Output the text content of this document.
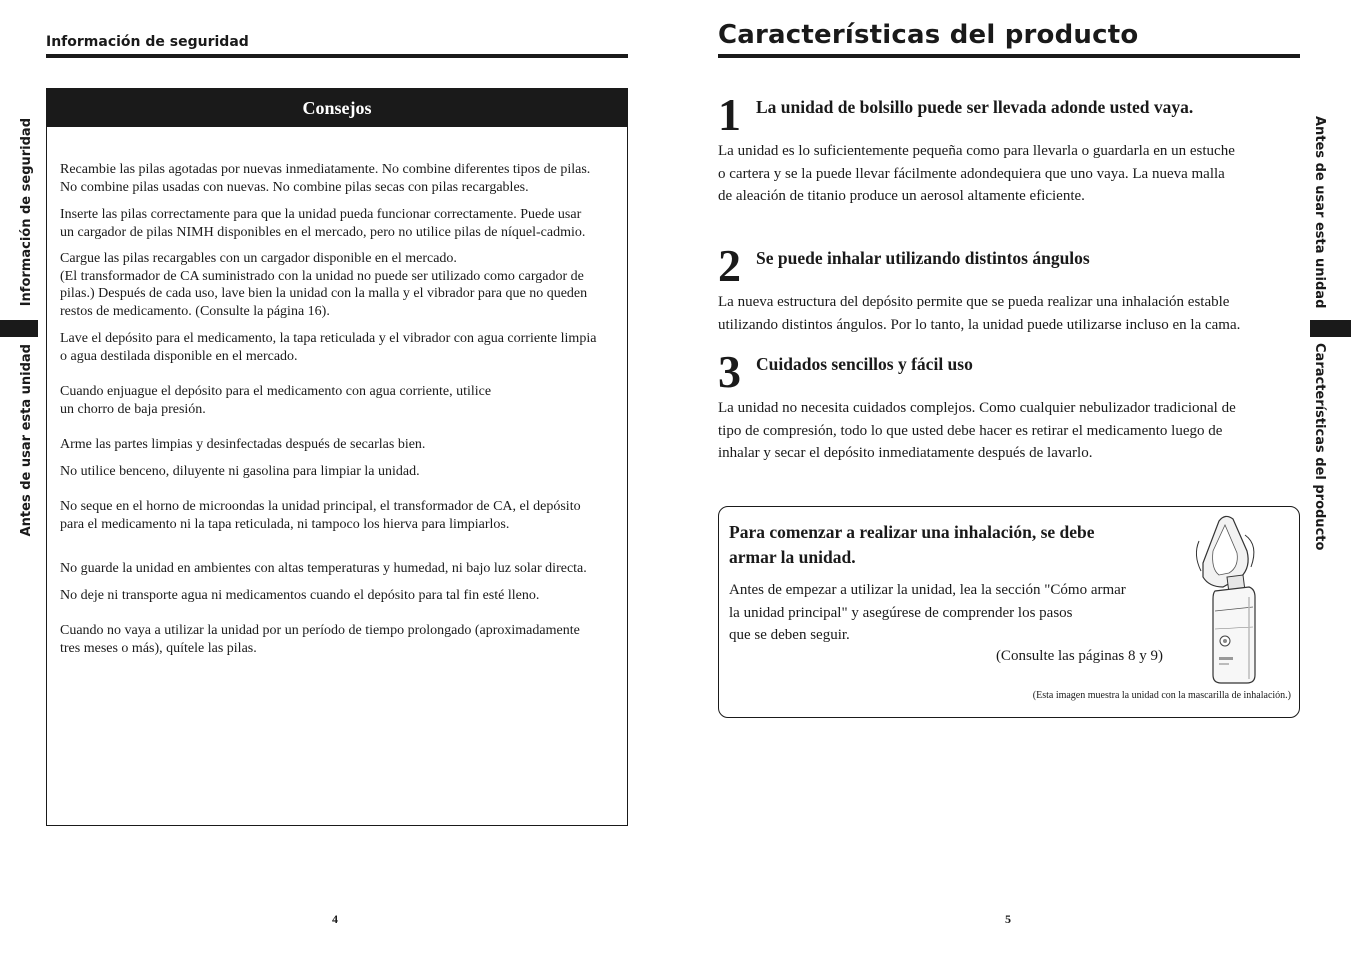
Información de seguridad
Consejos
Recambie las pilas agotadas por nuevas inmediatamente. No combine diferentes tipos de pilas.
No combine pilas usadas con nuevas. No combine pilas secas con pilas recargables.
Inserte las pilas correctamente para que la unidad pueda funcionar correctamente. Puede usar
un cargador de pilas NIMH disponibles en el mercado, pero no utilice pilas de níquel-cadmio.
Cargue las pilas recargables con un cargador disponible en el mercado.
(El transformador de CA suministrado con la unidad no puede ser utilizado como cargador de
pilas.) Después de cada uso, lave bien la unidad con la malla y el vibrador para que no queden
restos de medicamento. (Consulte la página 16).
Lave el depósito para el medicamento, la tapa reticulada y el vibrador con agua corriente limpia
o agua destilada disponible en el mercado.
Cuando enjuague el depósito para el medicamento con agua corriente, utilice
un chorro de baja presión.
Arme las partes limpias y desinfectadas después de secarlas bien.
No utilice benceno, diluyente ni gasolina para limpiar la unidad.
No seque en el horno de microondas la unidad principal, el transformador de CA, el depósito
para el medicamento ni la tapa reticulada, ni tampoco los hierva para limpiarlos.
No guarde la unidad en ambientes con altas temperaturas y humedad, ni bajo luz solar directa.
No deje ni transporte agua ni medicamentos cuando el depósito para tal fin esté lleno.
Cuando no vaya a utilizar la unidad por un período de tiempo prolongado (aproximadamente
tres meses o más), quítele las pilas.
4
Información de seguridad
Antes de usar esta unidad
Características del producto
1 La unidad de bolsillo puede ser llevada adonde usted vaya.
La unidad es lo suficientemente pequeña como para llevarla o guardarla en un estuche
o cartera y se la puede llevar fácilmente adondequiera que uno vaya. La nueva malla
de aleación de titanio produce un aerosol altamente eficiente.
2 Se puede inhalar utilizando distintos ángulos
La nueva estructura del depósito permite que se pueda realizar una inhalación estable
utilizando distintos ángulos. Por lo tanto, la unidad puede utilizarse incluso en la cama.
3 Cuidados sencillos y fácil uso
La unidad no necesita cuidados complejos. Como cualquier nebulizador tradicional de
tipo de compresión, todo lo que usted debe hacer es retirar el medicamento luego de
inhalar y secar el depósito inmediatamente después de lavarlo.
Para comenzar a realizar una inhalación, se debe
armar la unidad.
Antes de empezar a utilizar la unidad, lea la sección "Cómo armar
la unidad principal" y asegúrese de comprender los pasos
que se deben seguir.
(Consulte las páginas 8 y 9)
(Esta imagen muestra la unidad con la mascarilla de inhalación.)
5
Antes de usar esta unidad
Características del producto
